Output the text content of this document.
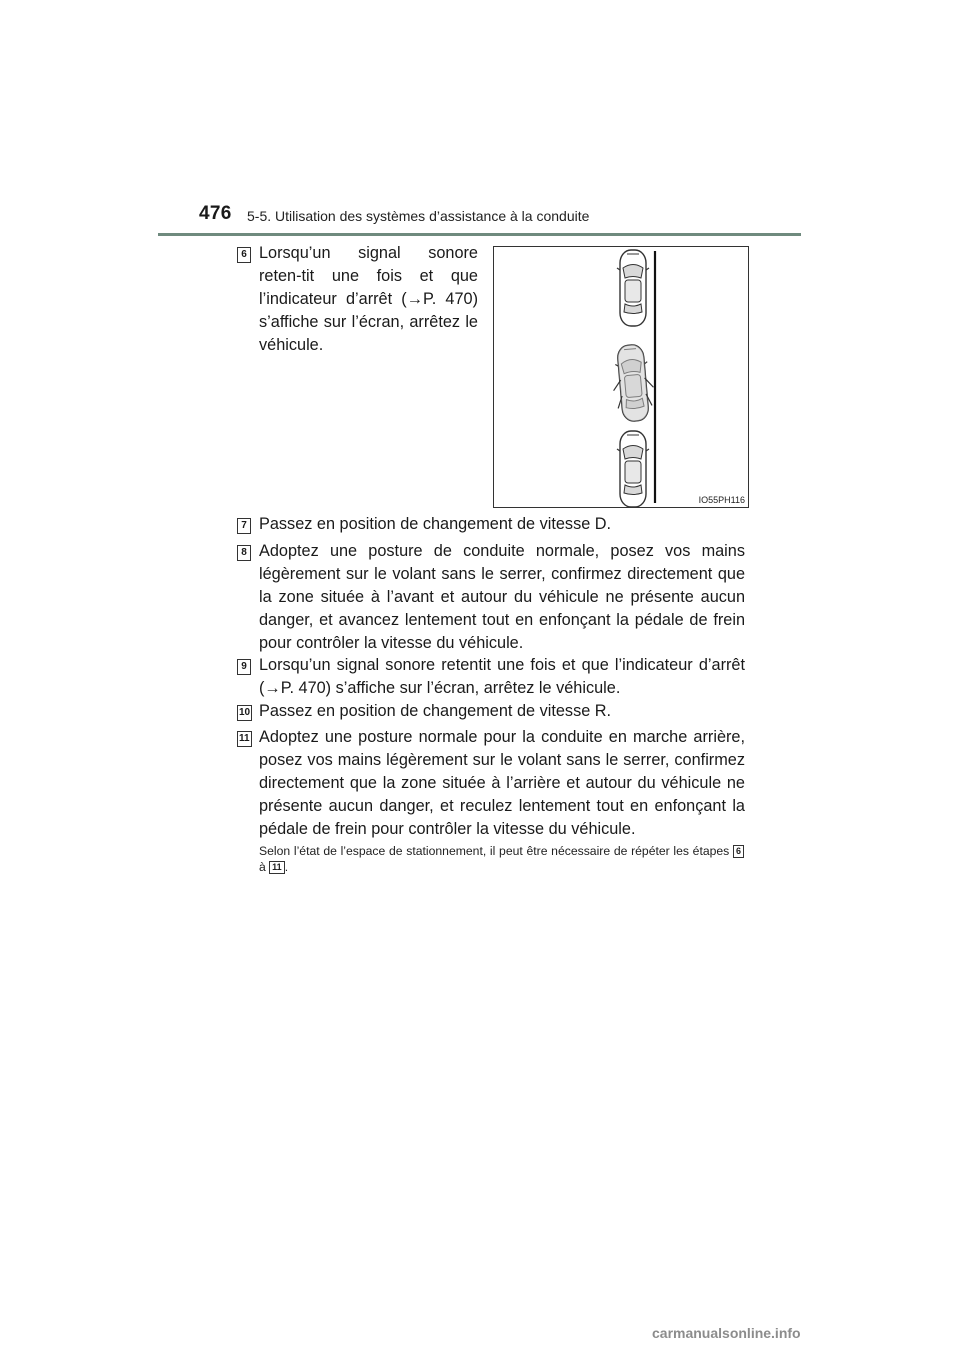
476 5-5. Utilisation des systèmes d’assistance à la conduite
6 Lorsqu’un signal sonore reten-tit une fois et que l’indicateur d’arrêt (→P. 470) s’affiche sur l’écran, arrêtez le véhicule.
IO55PH116
7 Passez en position de changement de vitesse D.
8 Adoptez une posture de conduite normale, posez vos mains légèrement sur le volant sans le serrer, confirmez directement que la zone située à l’avant et autour du véhicule ne présente aucun danger, et avancez lentement tout en enfonçant la pédale de frein pour contrôler la vitesse du véhicule.
9 Lorsqu’un signal sonore retentit une fois et que l’indicateur d’arrêt (→P. 470) s’affiche sur l’écran, arrêtez le véhicule.
10 Passez en position de changement de vitesse R.
11 Adoptez une posture normale pour la conduite en marche arrière, posez vos mains légèrement sur le volant sans le serrer, confirmez directement que la zone située à l’arrière et autour du véhicule ne présente aucun danger, et reculez lentement tout en enfonçant la pédale de frein pour contrôler la vitesse du véhicule.
Selon l’état de l’espace de stationnement, il peut être nécessaire de répéter les étapes 6 à 11 .
carmanualsonline.info
